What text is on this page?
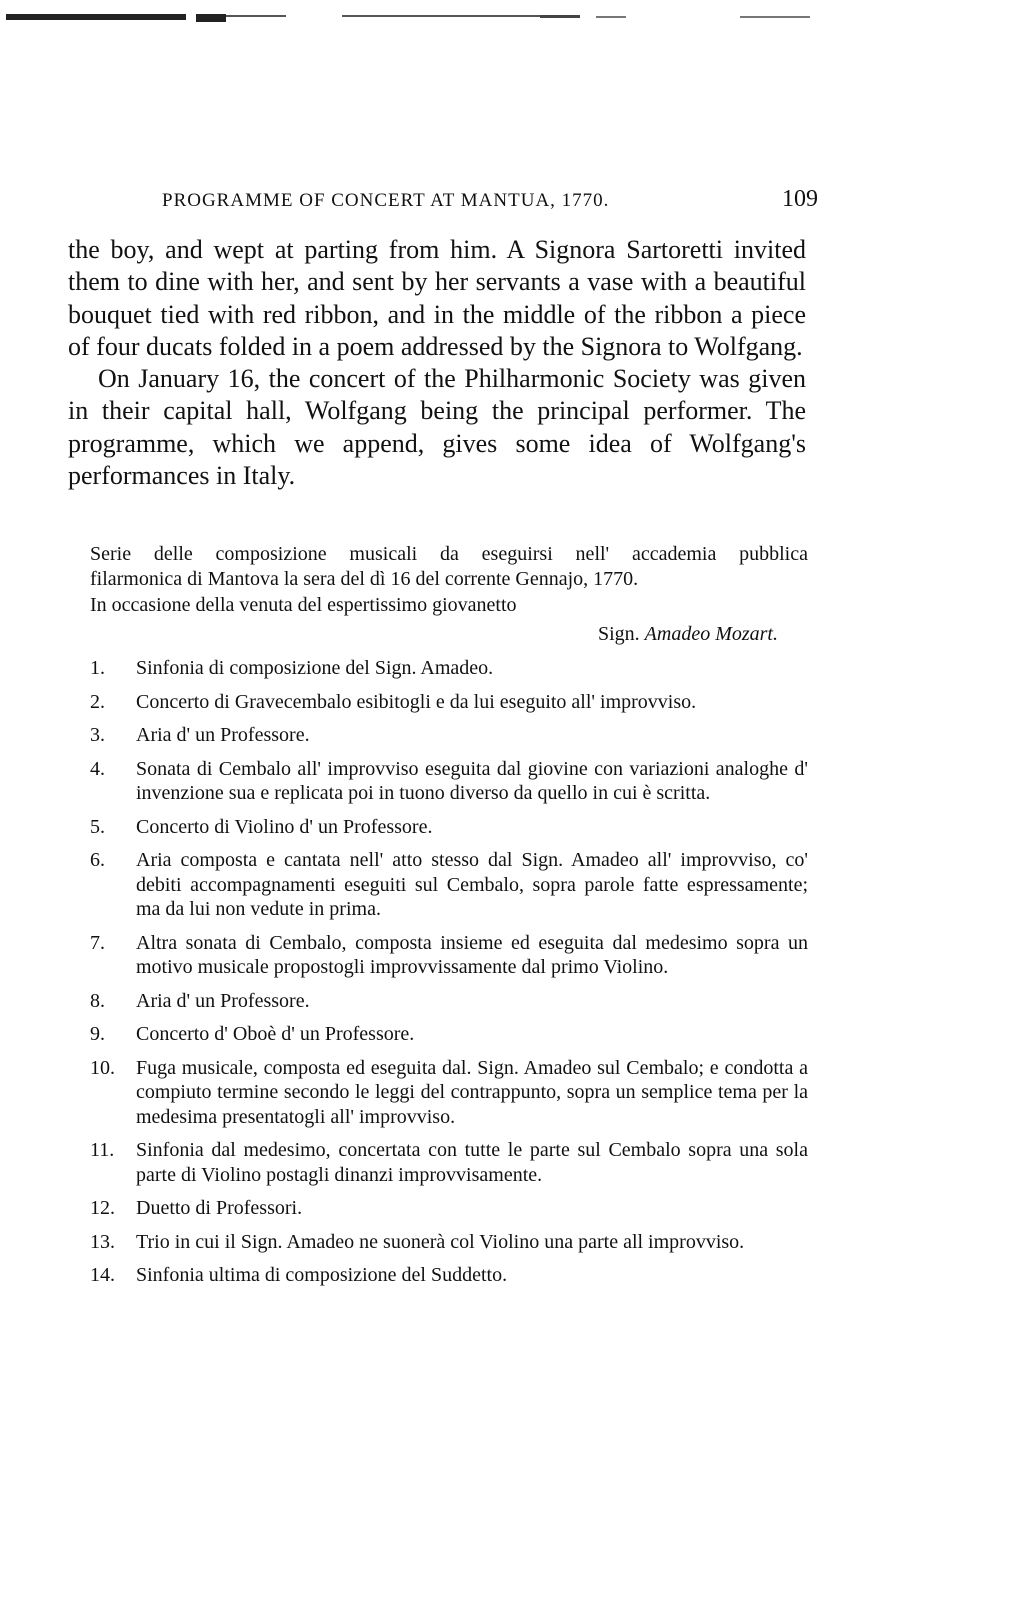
PROGRAMME OF CONCERT AT MANTUA, 1770.	109

the boy, and wept at parting from him. A Signora Sartoretti invited them to dine with her, and sent by her servants a vase with a beautiful bouquet tied with red ribbon, and in the middle of the ribbon a piece of four ducats folded in a poem addressed by the Signora to Wolfgang.

On January 16, the concert of the Philharmonic Society was given in their capital hall, Wolfgang being the principal performer. The programme, which we append, gives some idea of Wolfgang's performances in Italy.

Serie delle composizione musicali da eseguirsi nell' accademia pubblica

filarmonica di Mantova la sera del dì 16 del corrente Gennajo, 1770.

In occasione della venuta del espertissimo giovanetto

Sign. Amadeo Mozart.
1.	Sinfonia di composizione del Sign. Amadeo.
2.	Concerto di Gravecembalo esibitogli e da lui eseguito all' improvviso.
3.	Aria d' un Professore.
4.	Sonata di Cembalo all' improvviso eseguita dal giovine con variazioni analoghe d' invenzione sua e replicata poi in tuono diverso da quello in cui è scritta.
5.	Concerto di Violino d' un Professore.
6.	Aria composta e cantata nell' atto stesso dal Sign. Amadeo all' improvviso, co' debiti accompagnamenti eseguiti sul Cembalo, sopra parole fatte espressamente; ma da lui non vedute in prima.
7.	Altra sonata di Cembalo, composta insieme ed eseguita dal medesimo sopra un motivo musicale propostogli improvvissamente dal primo Violino.
8.	Aria d' un Professore.
9.	Concerto d' Oboè d' un Professore.
10.	Fuga musicale, composta ed eseguita dal. Sign. Amadeo sul Cembalo; e condotta a compiuto termine secondo le leggi del contrappunto, sopra un semplice tema per la medesima presentatogli all' improvviso.
11.	Sinfonia dal medesimo, concertata con tutte le parte sul Cembalo sopra una sola parte di Violino postagli dinanzi improvvisamente.
12.	Duetto di Professori.
13.	Trio in cui il Sign. Amadeo ne suonerà col Violino una parte all improvviso.
14.	Sinfonia ultima di composizione del Suddetto.
